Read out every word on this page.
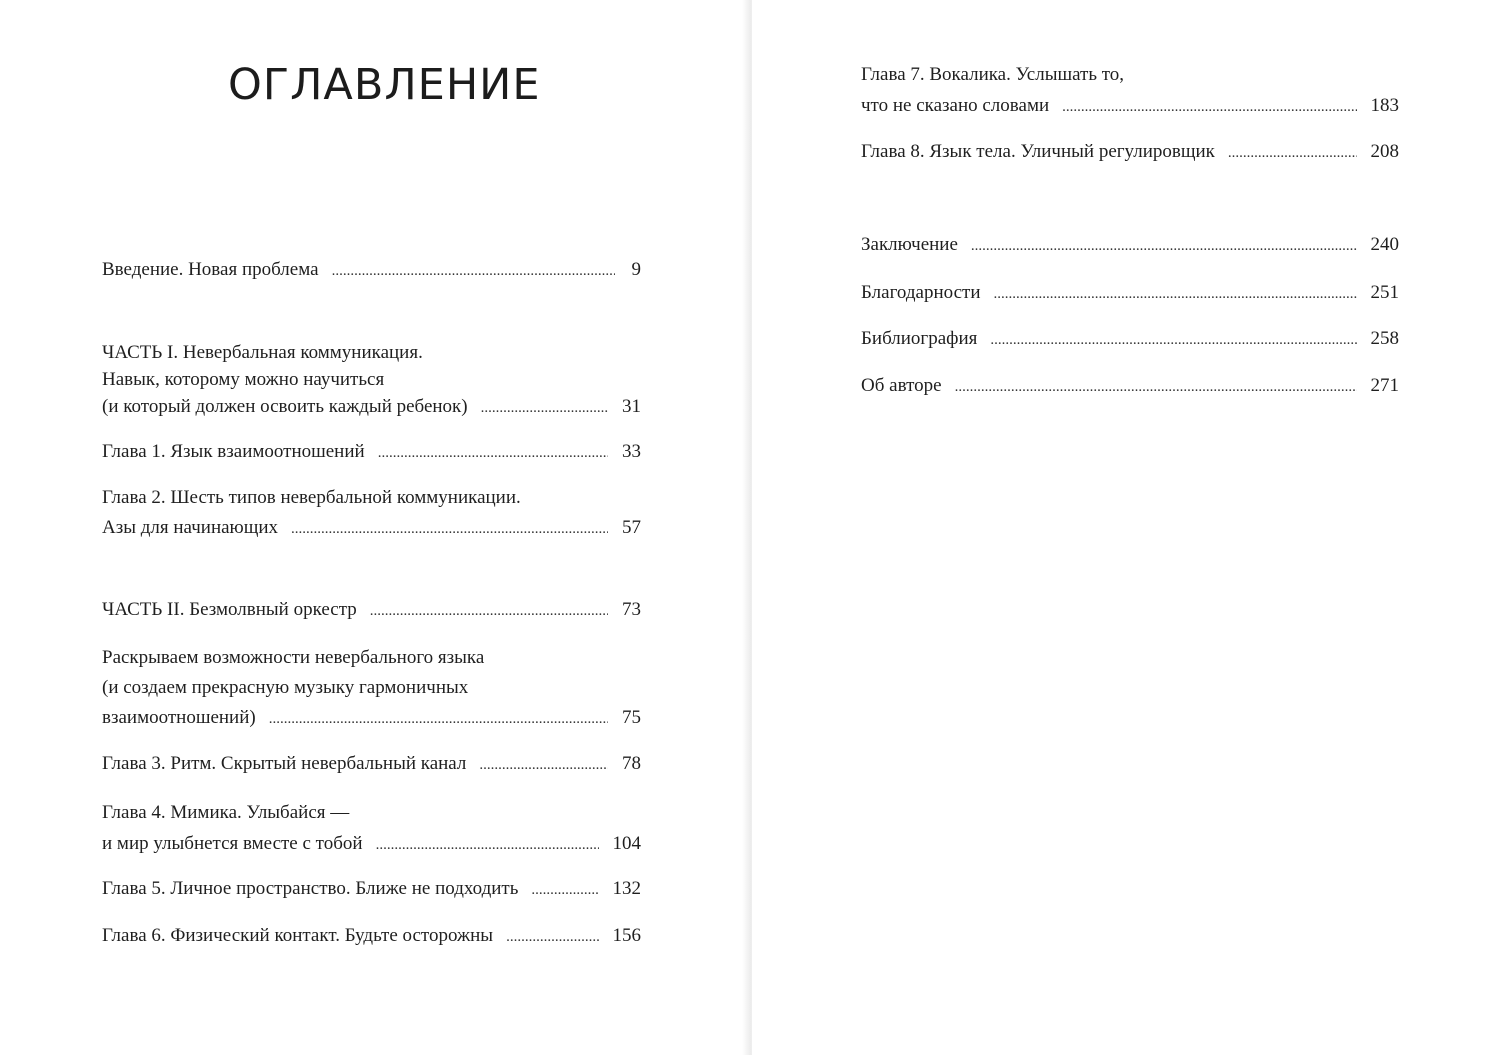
ОГЛАВЛЕНИЕ
Введение. Новая проблема .....	9
ЧАСТЬ I. Невербальная коммуникация.
Навык, которому можно научиться
(и который должен освоить каждый ребенок) .....	31
Глава 1. Язык взаимоотношений .....	33
Глава 2. Шесть типов невербальной коммуникации.
Азы для начинающих .....	57
ЧАСТЬ II. Безмолвный оркестр .....	73
Раскрываем возможности невербального языка
(и создаем прекрасную музыку гармоничных
взаимоотношений) .....	75
Глава 3. Ритм. Скрытый невербальный канал .....	78
Глава 4. Мимика. Улыбайся —
и мир улыбнется вместе с тобой .....	104
Глава 5. Личное пространство. Ближе не подходить .....	132
Глава 6. Физический контакт. Будьте осторожны .....	156
Глава 7. Вокалика. Услышать то,
что не сказано словами .....	183
Глава 8. Язык тела. Уличный регулировщик .....	208
Заключение .....	240
Благодарности .....	251
Библиография .....	258
Об авторе .....	271
